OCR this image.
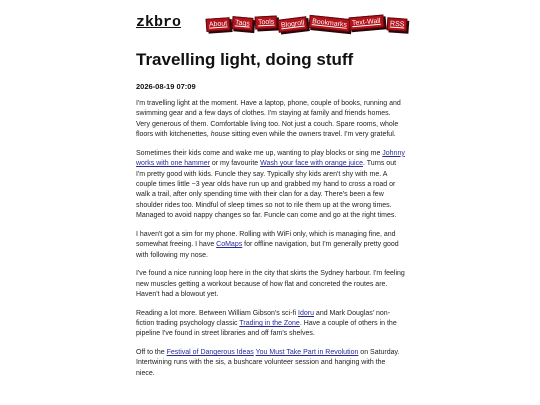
zkbro	About	Tags	Tools Blogroll	Bookmarks Text-Wall	RSS
Travelling light, doing stuff
2026-08-19 07:09

I'm travelling light at the moment. Have a laptop, phone, couple of books, running and swimming gear and a few days of clothes. I'm staying at family and friends homes. Very generous of them. Comfortable living too. Not just a couch. Spare rooms, whole floors with kitchenettes, house sitting even while the owners travel. I'm very grateful.

Sometimes their kids come and wake me up, wanting to play blocks or sing me Johnny works with one hammer or my favourite Wash your face with orange juice. Turns out I'm pretty good with kids. Funcle they say. Typically shy kids aren't shy with me. A couple times little ~3 year olds have run up and grabbed my hand to cross a road or walk a trail, after only spending time with their clan for a day. There's been a few shoulder rides too. Mindful of sleep times so not to rile them up at the wrong times. Managed to avoid nappy changes so far. Funcle can come and go at the right times.

I haven't got a sim for my phone. Rolling with WiFi only, which is managing fine, and somewhat freeing. I have CoMaps for offline navigation, but I'm generally pretty good with following my nose.

I've found a nice running loop here in the city that skirts the Sydney harbour. I'm feeling new muscles getting a workout because of how flat and concreted the routes are. Haven't had a blowout yet.

Reading a lot more. Between William Gibson's sci-fi Idoru and Mark Douglas' non-fiction trading psychology classic Trading in the Zone. Have a couple of others in the pipeline I've found in street libraries and off fam's shelves.

Off to the Festival of Dangerous Ideas You Must Take Part in Revolution on Saturday. Intertwining runs with the sis, a bushcare volunteer session and hanging with the niece.
